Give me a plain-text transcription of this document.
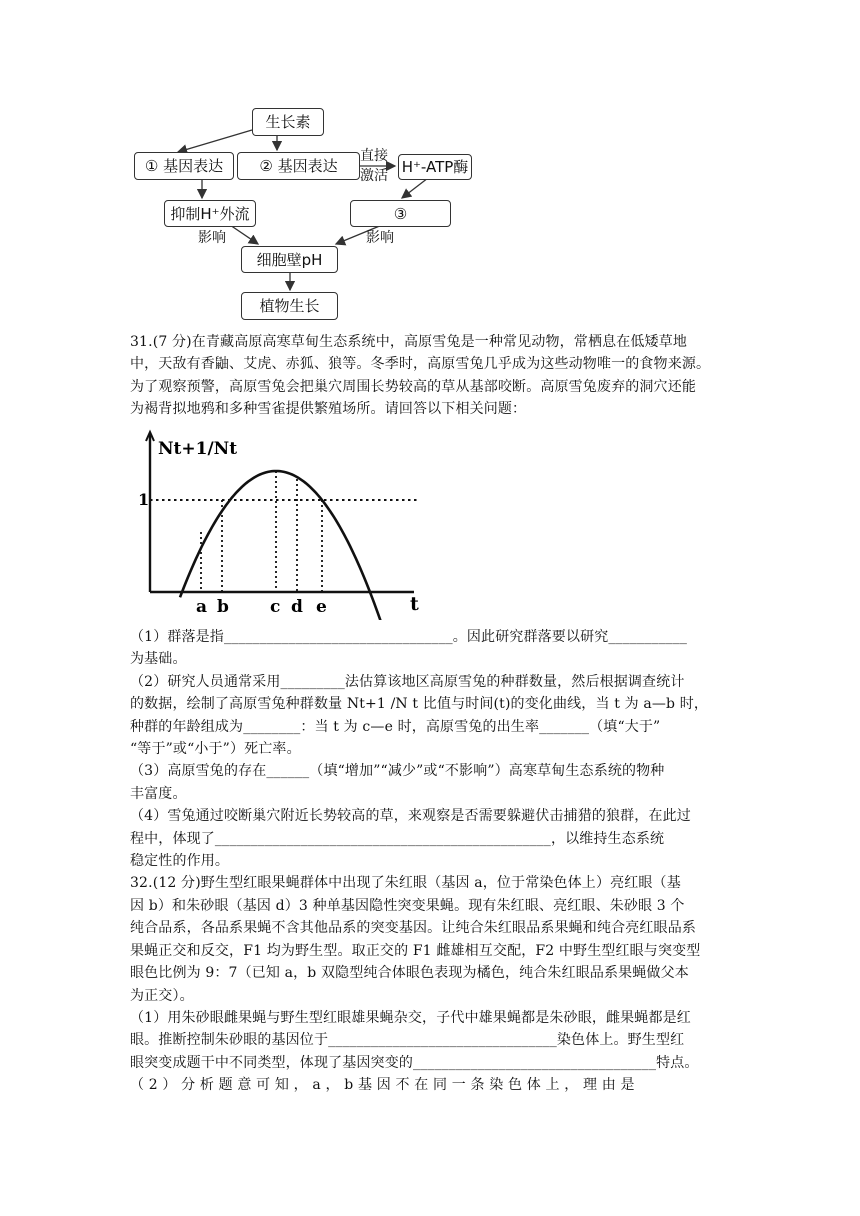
生长素
① 基因表达	② 基因表达	H⁺-ATP酶
抑制H⁺外流	③
细胞壁pH
植物生长
直接
激活
影响	影响

31.(7 分)在青藏高原高寒草甸生态系统中，高原雪兔是一种常见动物，常栖息在低矮草地

中，天敌有香鼬、艾虎、赤狐、狼等。冬季时，高原雪兔几乎成为这些动物唯一的食物来源。

为了观察预警，高原雪兔会把巢穴周围长势较高的草从基部咬断。高原雪兔废弃的洞穴还能

为褐背拟地鸦和多种雪雀提供繁殖场所。请回答以下相关问题：

Nt+1/Nt
1
a b c d e	t

（1）群落是指________________________________。因此研究群落要以研究___________

为基础。

（2）研究人员通常采用_________法估算该地区高原雪兔的种群数量，然后根据调查统计

的数据，绘制了高原雪兔种群数量 Nt+1 /N t 比值与时间(t)的变化曲线，当 t 为 a—b 时，

种群的年龄组成为________：当 t 为 c—e 时，高原雪兔的出生率_______（填“大于”

“等于”或“小于”）死亡率。

（3）高原雪兔的存在______（填“增加”“减少”或“不影响”）高寒草甸生态系统的物种

丰富度。

（4）雪兔通过咬断巢穴附近长势较高的草，来观察是否需要躲避伏击捕猎的狼群，在此过

程中，体现了_______________________________________________，以维持生态系统

稳定性的作用。

32.(12 分)野生型红眼果蝇群体中出现了朱红眼（基因 a，位于常染色体上）亮红眼（基

因 b）和朱砂眼（基因 d）3 种单基因隐性突变果蝇。现有朱红眼、亮红眼、朱砂眼 3 个

纯合品系，各品系果蝇不含其他品系的突变基因。让纯合朱红眼品系果蝇和纯合亮红眼品系

果蝇正交和反交，F1 均为野生型。取正交的 F1 雌雄相互交配，F2 中野生型红眼与突变型

眼色比例为 9：7（已知 a，b 双隐型纯合体眼色表现为橘色，纯合朱红眼品系果蝇做父本

为正交）。

（1）用朱砂眼雌果蝇与野生型红眼雄果蝇杂交，子代中雄果蝇都是朱砂眼，雌果蝇都是红

眼。推断控制朱砂眼的基因位于________________________________染色体上。野生型红

眼突变成题干中不同类型，体现了基因突变的__________________________________特点。

（ 2 ） 分 析 题 意 可 知 ， a ， b 基 因 不 在 同 一 条 染 色 体 上 ， 理 由 是
